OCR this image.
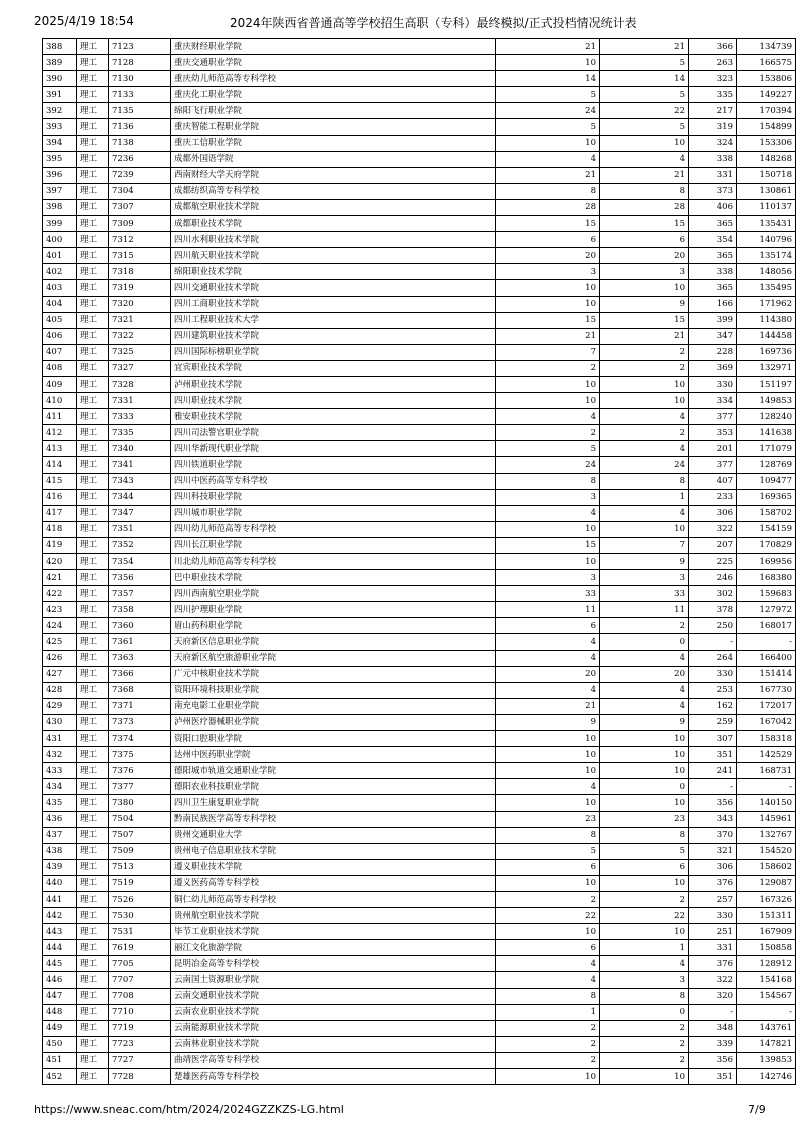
2025/4/19 18:54	2024年陕西省普通高等学校招生高职（专科）最终模拟/正式投档情况统计表
388	理工	7123	重庆财经职业学院	21	21	366	134739
389	理工	7128	重庆交通职业学院	10	5	263	166575
390	理工	7130	重庆幼儿师范高等专科学校	14	14	323	153806
391	理工	7133	重庆化工职业学院	5	5	335	149227
392	理工	7135	绵阳飞行职业学院	24	22	217	170394
393	理工	7136	重庆智能工程职业学院	5	5	319	154899
394	理工	7138	重庆工信职业学院	10	10	324	153306
395	理工	7236	成都外国语学院	4	4	338	148268
396	理工	7239	西南财经大学天府学院	21	21	331	150718
397	理工	7304	成都纺织高等专科学校	8	8	373	130861
398	理工	7307	成都航空职业技术学院	28	28	406	110137
399	理工	7309	成都职业技术学院	15	15	365	135431
400	理工	7312	四川水利职业技术学院	6	6	354	140796
401	理工	7315	四川航天职业技术学院	20	20	365	135174
402	理工	7318	绵阳职业技术学院	3	3	338	148056
403	理工	7319	四川交通职业技术学院	10	10	365	135495
404	理工	7320	四川工商职业技术学院	10	9	166	171962
405	理工	7321	四川工程职业技术大学	15	15	399	114380
406	理工	7322	四川建筑职业技术学院	21	21	347	144458
407	理工	7325	四川国际标榜职业学院	7	2	228	169736
408	理工	7327	宜宾职业技术学院	2	2	369	132971
409	理工	7328	泸州职业技术学院	10	10	330	151197
410	理工	7331	四川职业技术学院	10	10	334	149853
411	理工	7333	雅安职业技术学院	4	4	377	128240
412	理工	7335	四川司法警官职业学院	2	2	353	141638
413	理工	7340	四川华新现代职业学院	5	4	201	171079
414	理工	7341	四川铁道职业学院	24	24	377	128769
415	理工	7343	四川中医药高等专科学校	8	8	407	109477
416	理工	7344	四川科技职业学院	3	1	233	169365
417	理工	7347	四川城市职业学院	4	4	306	158702
418	理工	7351	四川幼儿师范高等专科学校	10	10	322	154159
419	理工	7352	四川长江职业学院	15	7	207	170829
420	理工	7354	川北幼儿师范高等专科学校	10	9	225	169956
421	理工	7356	巴中职业技术学院	3	3	246	168380
422	理工	7357	四川西南航空职业学院	33	33	302	159683
423	理工	7358	四川护理职业学院	11	11	378	127972
424	理工	7360	眉山药科职业学院	6	2	250	168017
425	理工	7361	天府新区信息职业学院	4	0	-	-
426	理工	7363	天府新区航空旅游职业学院	4	4	264	166400
427	理工	7366	广元中核职业技术学院	20	20	330	151414
428	理工	7368	资阳环境科技职业学院	4	4	253	167730
429	理工	7371	南充电影工业职业学院	21	4	162	172017
430	理工	7373	泸州医疗器械职业学院	9	9	259	167042
431	理工	7374	资阳口腔职业学院	10	10	307	158318
432	理工	7375	达州中医药职业学院	10	10	351	142529
433	理工	7376	德阳城市轨道交通职业学院	10	10	241	168731
434	理工	7377	德阳农业科技职业学院	4	0	-	-
435	理工	7380	四川卫生康复职业学院	10	10	356	140150
436	理工	7504	黔南民族医学高等专科学校	23	23	343	145961
437	理工	7507	贵州交通职业大学	8	8	370	132767
438	理工	7509	贵州电子信息职业技术学院	5	5	321	154520
439	理工	7513	遵义职业技术学院	6	6	306	158602
440	理工	7519	遵义医药高等专科学校	10	10	376	129087
441	理工	7526	铜仁幼儿师范高等专科学校	2	2	257	167326
442	理工	7530	贵州航空职业技术学院	22	22	330	151311
443	理工	7531	毕节工业职业技术学院	10	10	251	167909
444	理工	7619	丽江文化旅游学院	6	1	331	150858
445	理工	7705	昆明冶金高等专科学校	4	4	376	128912
446	理工	7707	云南国土资源职业学院	4	3	322	154168
447	理工	7708	云南交通职业技术学院	8	8	320	154567
448	理工	7710	云南农业职业技术学院	1	0	-	-
449	理工	7719	云南能源职业技术学院	2	2	348	143761
450	理工	7723	云南林业职业技术学院	2	2	339	147821
451	理工	7727	曲靖医学高等专科学校	2	2	356	139853
452	理工	7728	楚雄医药高等专科学校	10	10	351	142746
https://www.sneac.com/htm/2024/2024GZZKZS-LG.html	7/9
